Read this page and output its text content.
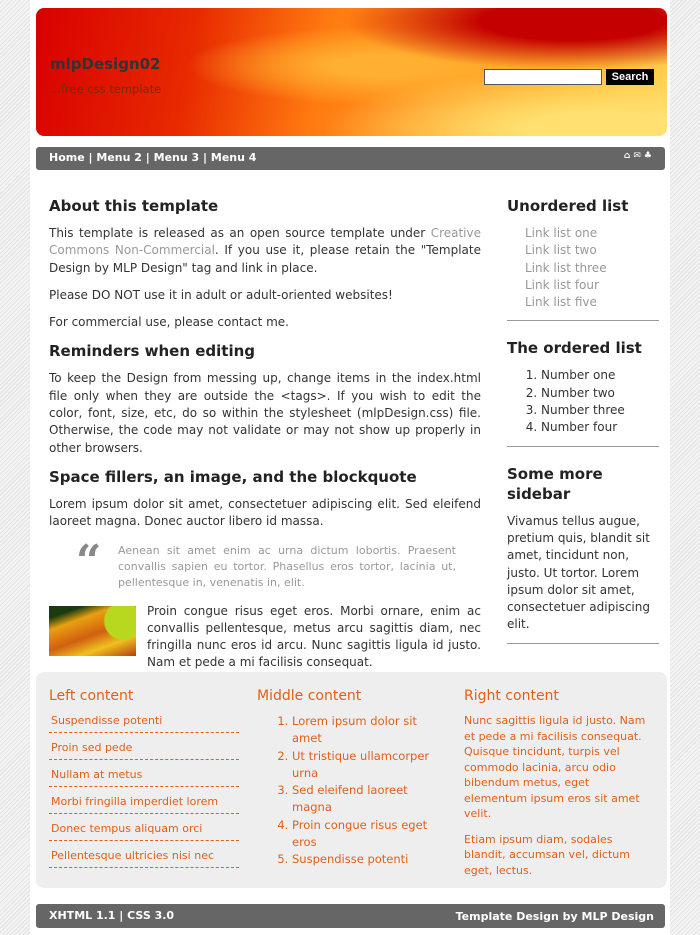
mlpDesign02
...free css template
Search
Home | Menu 2 | Menu 3 | Menu 4	⌂✉♣
About this template

This template is released as an open source template under Creative Commons Non-Commercial. If you use it, please retain the "Template Design by MLP Design" tag and link in place.

Please DO NOT use it in adult or adult-oriented websites!

For commercial use, please contact me.

Reminders when editing

To keep the Design from messing up, change items in the index.html file only when they are outside the <tags>. If you wish to edit the color, font, size, etc, do so within the stylesheet (mlpDesign.css) file. Otherwise, the code may not validate or may not show up properly in other browsers.

Space fillers, an image, and the blockquote

Lorem ipsum dolor sit amet, consectetuer adipiscing elit. Sed eleifend laoreet magna. Donec auctor libero id massa.

“ Aenean sit amet enim ac urna dictum lobortis. Praesent convallis sapien eu tortor. Phasellus eros tortor, lacinia ut, pellentesque in, venenatis in, elit.

Proin congue risus eget eros. Morbi ornare, enim ac convallis pellentesque, metus arcu sagittis diam, nec fringilla nunc eros id arcu. Nunc sagittis ligula id justo. Nam et pede a mi facilisis consequat.

Unordered list
Link list one
Link list two
Link list three
Link list four
Link list five
The ordered list
1. Number one
2. Number two
3. Number three
4. Number four
Some more sidebar

Vivamus tellus augue, pretium quis, blandit sit amet, tincidunt non, justo. Ut tortor. Lorem ipsum dolor sit amet, consectetuer adipiscing elit.

Left content
Suspendisse potenti
Proin sed pede
Nullam at metus
Morbi fringilla imperdiet lorem
Donec tempus aliquam orci
Pellentesque ultricies nisi nec
Middle content
1. Lorem ipsum dolor sit amet
2. Ut tristique ullamcorper urna
3. Sed eleifend laoreet magna
4. Proin congue risus eget eros
5. Suspendisse potenti
Right content

Nunc sagittis ligula id justo. Nam et pede a mi facilisis consequat. Quisque tincidunt, turpis vel commodo lacinia, arcu odio bibendum metus, eget elementum ipsum eros sit amet velit.

Etiam ipsum diam, sodales blandit, accumsan vel, dictum eget, lectus.

XHTML 1.1 | CSS 3.0	Template Design by MLP Design
